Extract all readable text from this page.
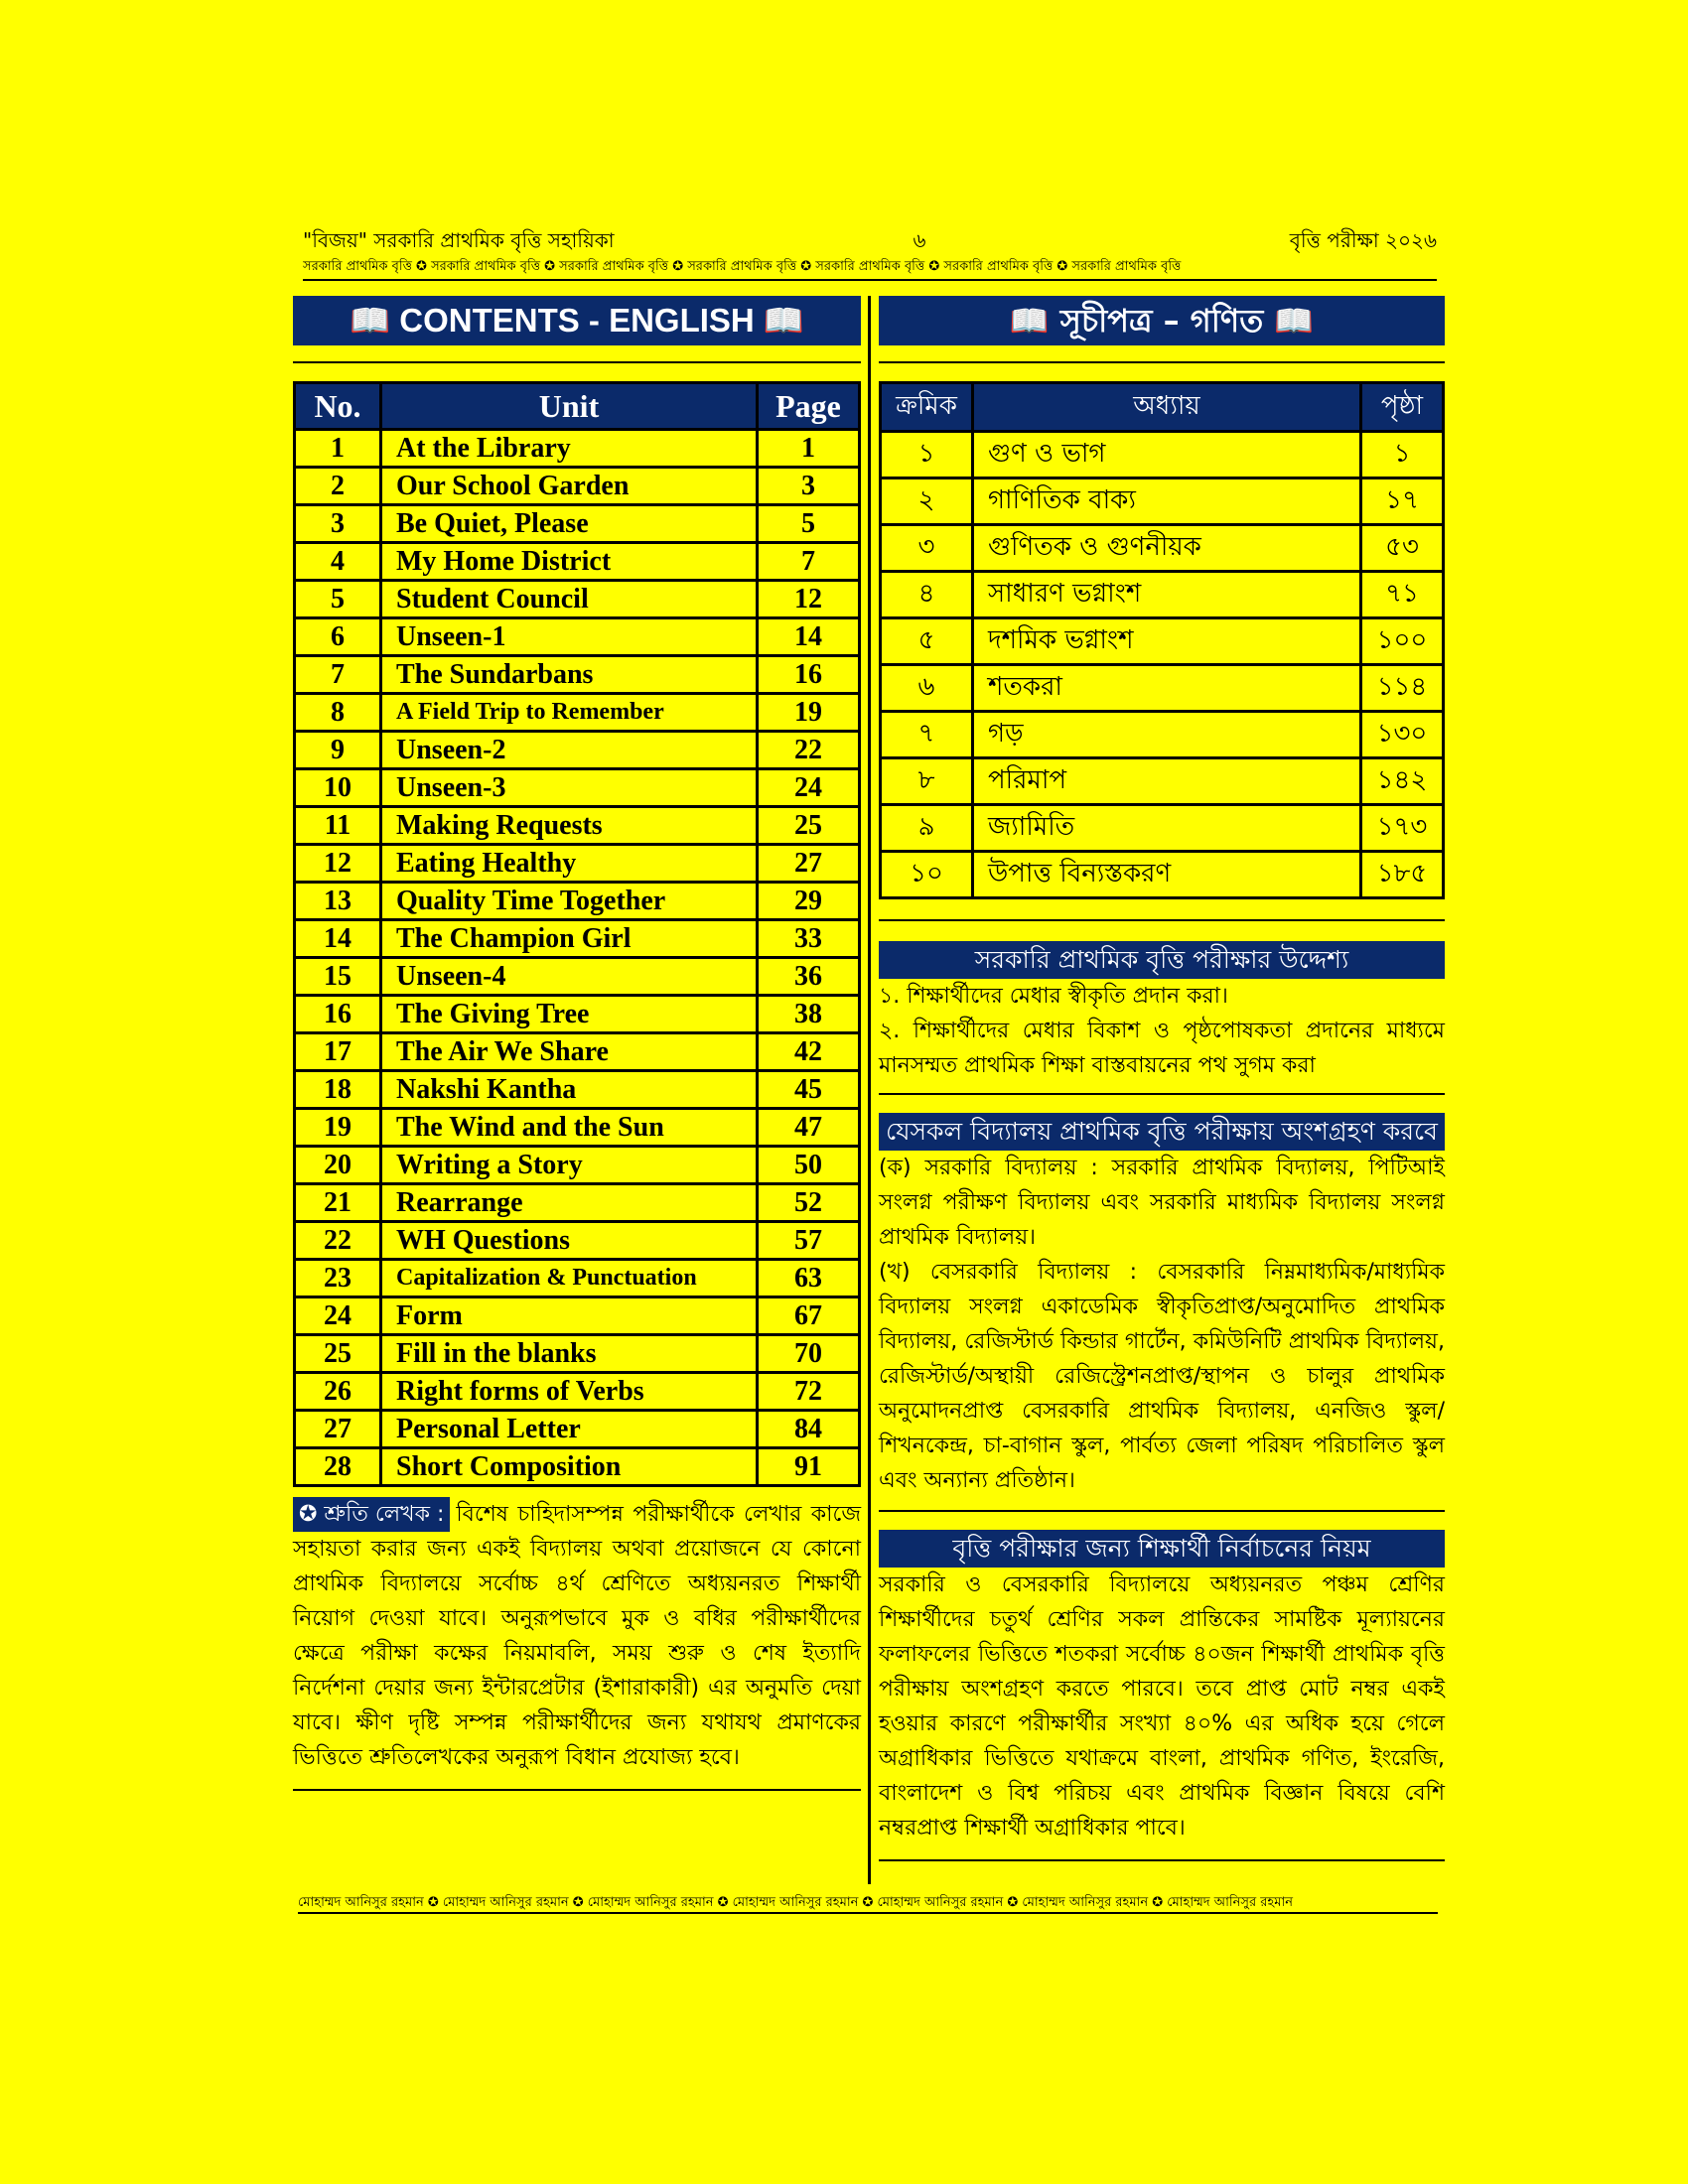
"বিজয়" সরকারি প্রাথমিক বৃত্তি সহায়িকা	৬	বৃত্তি পরীক্ষা ২০২৬
সরকারি প্রাথমিক বৃত্তি ✪ সরকারি প্রাথমিক বৃত্তি ✪ সরকারি প্রাথমিক বৃত্তি ✪ সরকারি প্রাথমিক বৃত্তি ✪ সরকারি প্রাথমিক বৃত্তি ✪ সরকারি প্রাথমিক বৃত্তি ✪ সরকারি প্রাথমিক বৃত্তি
📖 CONTENTS - ENGLISH 📖
No.	Unit	Page
1	At the Library	1
2	Our School Garden	3
3	Be Quiet, Please	5
4	My Home District	7
5	Student Council	12
6	Unseen-1	14
7	The Sundarbans	16
8	A Field Trip to Remember	19
9	Unseen-2	22
10	Unseen-3	24
11	Making Requests	25
12	Eating Healthy	27
13	Quality Time Together	29
14	The Champion Girl	33
15	Unseen-4	36
16	The Giving Tree	38
17	The Air We Share	42
18	Nakshi Kantha	45
19	The Wind and the Sun	47
20	Writing a Story	50
21	Rearrange	52
22	WH Questions	57
23	Capitalization & Punctuation	63
24	Form	67
25	Fill in the blanks	70
26	Right forms of Verbs	72
27	Personal Letter	84
28	Short Composition	91
✪ শ্রুতি লেখক : বিশেষ চাহিদাসম্পন্ন পরীক্ষার্থীকে লেখার কাজে সহায়তা করার জন্য একই বিদ্যালয় অথবা প্রয়োজনে যে কোনো প্রাথমিক বিদ্যালয়ে সর্বোচ্চ ৪র্থ শ্রেণিতে অধ্যয়নরত শিক্ষার্থী নিয়োগ দেওয়া যাবে। অনুরূপভাবে মুক ও বধির পরীক্ষার্থীদের ক্ষেত্রে পরীক্ষা কক্ষের নিয়মাবলি, সময় শুরু ও শেষ ইত্যাদি নির্দেশনা দেয়ার জন্য ইন্টারপ্রেটার (ইশারাকারী) এর অনুমতি দেয়া যাবে। ক্ষীণ দৃষ্টি সম্পন্ন পরীক্ষার্থীদের জন্য যথাযথ প্রমাণকের ভিত্তিতে শ্রুতিলেখকের অনুরূপ বিধান প্রযোজ্য হবে।
📖 সূচীপত্র – গণিত 📖
ক্রমিক	অধ্যায়	পৃষ্ঠা
১	গুণ ও ভাগ	১
২	গাণিতিক বাক্য	১৭
৩	গুণিতক ও গুণনীয়ক	৫৩
৪	সাধারণ ভগ্নাংশ	৭১
৫	দশমিক ভগ্নাংশ	১০০
৬	শতকরা	১১৪
৭	গড়	১৩০
৮	পরিমাপ	১৪২
৯	জ্যামিতি	১৭৩
১০	উপাত্ত বিন্যস্তকরণ	১৮৫
সরকারি প্রাথমিক বৃত্তি পরীক্ষার উদ্দেশ্য
১. শিক্ষার্থীদের মেধার স্বীকৃতি প্রদান করা।
২. শিক্ষার্থীদের মেধার বিকাশ ও পৃষ্ঠপোষকতা প্রদানের মাধ্যমে মানসম্মত প্রাথমিক শিক্ষা বাস্তবায়নের পথ সুগম করা
যেসকল বিদ্যালয় প্রাথমিক বৃত্তি পরীক্ষায় অংশগ্রহণ করবে
(ক) সরকারি বিদ্যালয় : সরকারি প্রাথমিক বিদ্যালয়, পিটিআই সংলগ্ন পরীক্ষণ বিদ্যালয় এবং সরকারি মাধ্যমিক বিদ্যালয় সংলগ্ন প্রাথমিক বিদ্যালয়।
(খ) বেসরকারি বিদ্যালয় : বেসরকারি নিম্নমাধ্যমিক/মাধ্যমিক বিদ্যালয় সংলগ্ন একাডেমিক স্বীকৃতিপ্রাপ্ত/অনুমোদিত প্রাথমিক বিদ্যালয়, রেজিস্টার্ড কিন্ডার গার্টেন, কমিউনিটি প্রাথমিক বিদ্যালয়, রেজিস্টার্ড/অস্থায়ী রেজিস্ট্রেশনপ্রাপ্ত/স্থাপন ও চালুর প্রাথমিক অনুমোদনপ্রাপ্ত বেসরকারি প্রাথমিক বিদ্যালয়, এনজিও স্কুল/শিখনকেন্দ্র, চা-বাগান স্কুল, পার্বত্য জেলা পরিষদ পরিচালিত স্কুল এবং অন্যান্য প্রতিষ্ঠান।
বৃত্তি পরীক্ষার জন্য শিক্ষার্থী নির্বাচনের নিয়ম
সরকারি ও বেসরকারি বিদ্যালয়ে অধ্যয়নরত পঞ্চম শ্রেণির শিক্ষার্থীদের চতুর্থ শ্রেণির সকল প্রান্তিকের সামষ্টিক মূল্যায়নের ফলাফলের ভিত্তিতে শতকরা সর্বোচ্চ ৪০জন শিক্ষার্থী প্রাথমিক বৃত্তি পরীক্ষায় অংশগ্রহণ করতে পারবে। তবে প্রাপ্ত মোট নম্বর একই হওয়ার কারণে পরীক্ষার্থীর সংখ্যা ৪০% এর অধিক হয়ে গেলে অগ্রাধিকার ভিত্তিতে যথাক্রমে বাংলা, প্রাথমিক গণিত, ইংরেজি, বাংলাদেশ ও বিশ্ব পরিচয় এবং প্রাথমিক বিজ্ঞান বিষয়ে বেশি নম্বরপ্রাপ্ত শিক্ষার্থী অগ্রাধিকার পাবে।
মোহাম্মদ আনিসুর রহমান ✪ মোহাম্মদ আনিসুর রহমান ✪ মোহাম্মদ আনিসুর রহমান ✪ মোহাম্মদ আনিসুর রহমান ✪ মোহাম্মদ আনিসুর রহমান ✪ মোহাম্মদ আনিসুর রহমান ✪ মোহাম্মদ আনিসুর রহমান
